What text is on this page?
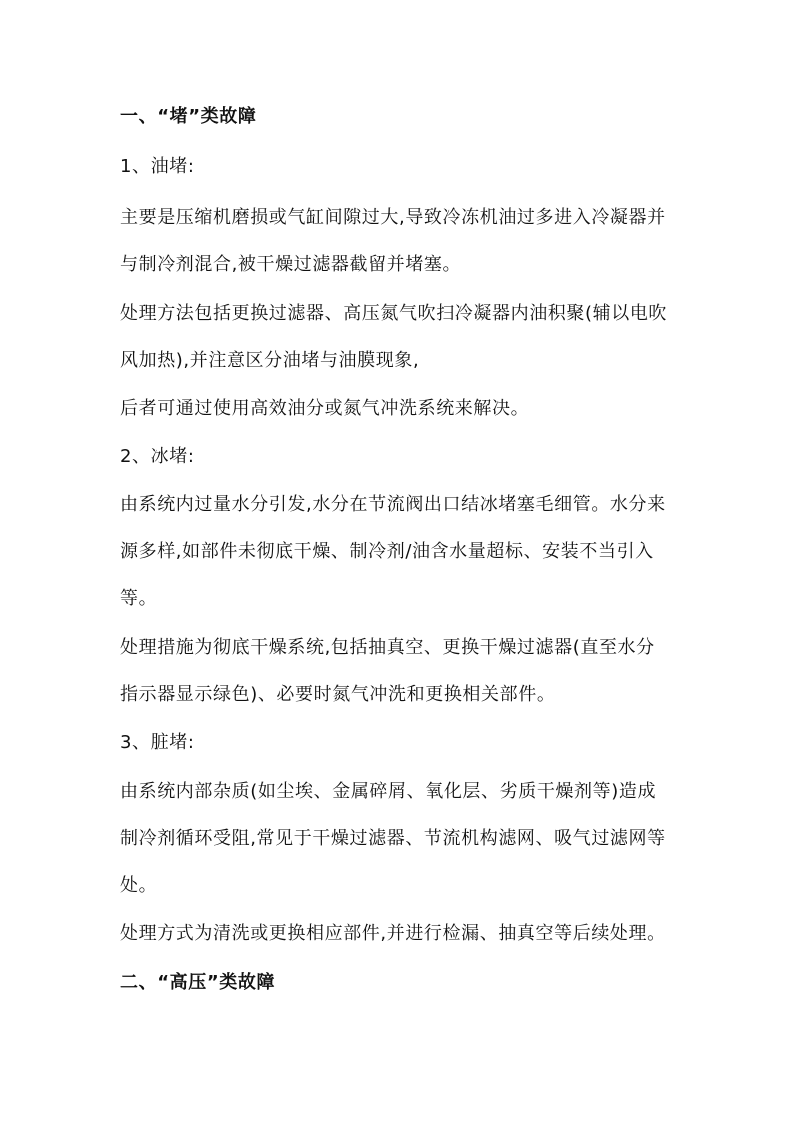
一、“堵”类故障
1、油堵:
主要是压缩机磨损或气缸间隙过大,导致冷冻机油过多进入冷凝器并
与制冷剂混合,被干燥过滤器截留并堵塞。
处理方法包括更换过滤器、高压氮气吹扫冷凝器内油积聚(辅以电吹
风加热),并注意区分油堵与油膜现象,
后者可通过使用高效油分或氮气冲洗系统来解决。
2、冰堵:
由系统内过量水分引发,水分在节流阀出口结冰堵塞毛细管。水分来
源多样,如部件未彻底干燥、制冷剂/油含水量超标、安装不当引入
等。
处理措施为彻底干燥系统,包括抽真空、更换干燥过滤器(直至水分
指示器显示绿色)、必要时氮气冲洗和更换相关部件。
3、脏堵:
由系统内部杂质(如尘埃、金属碎屑、氧化层、劣质干燥剂等)造成
制冷剂循环受阻,常见于干燥过滤器、节流机构滤网、吸气过滤网等
处。
处理方式为清洗或更换相应部件,并进行检漏、抽真空等后续处理。
二、“高压”类故障
